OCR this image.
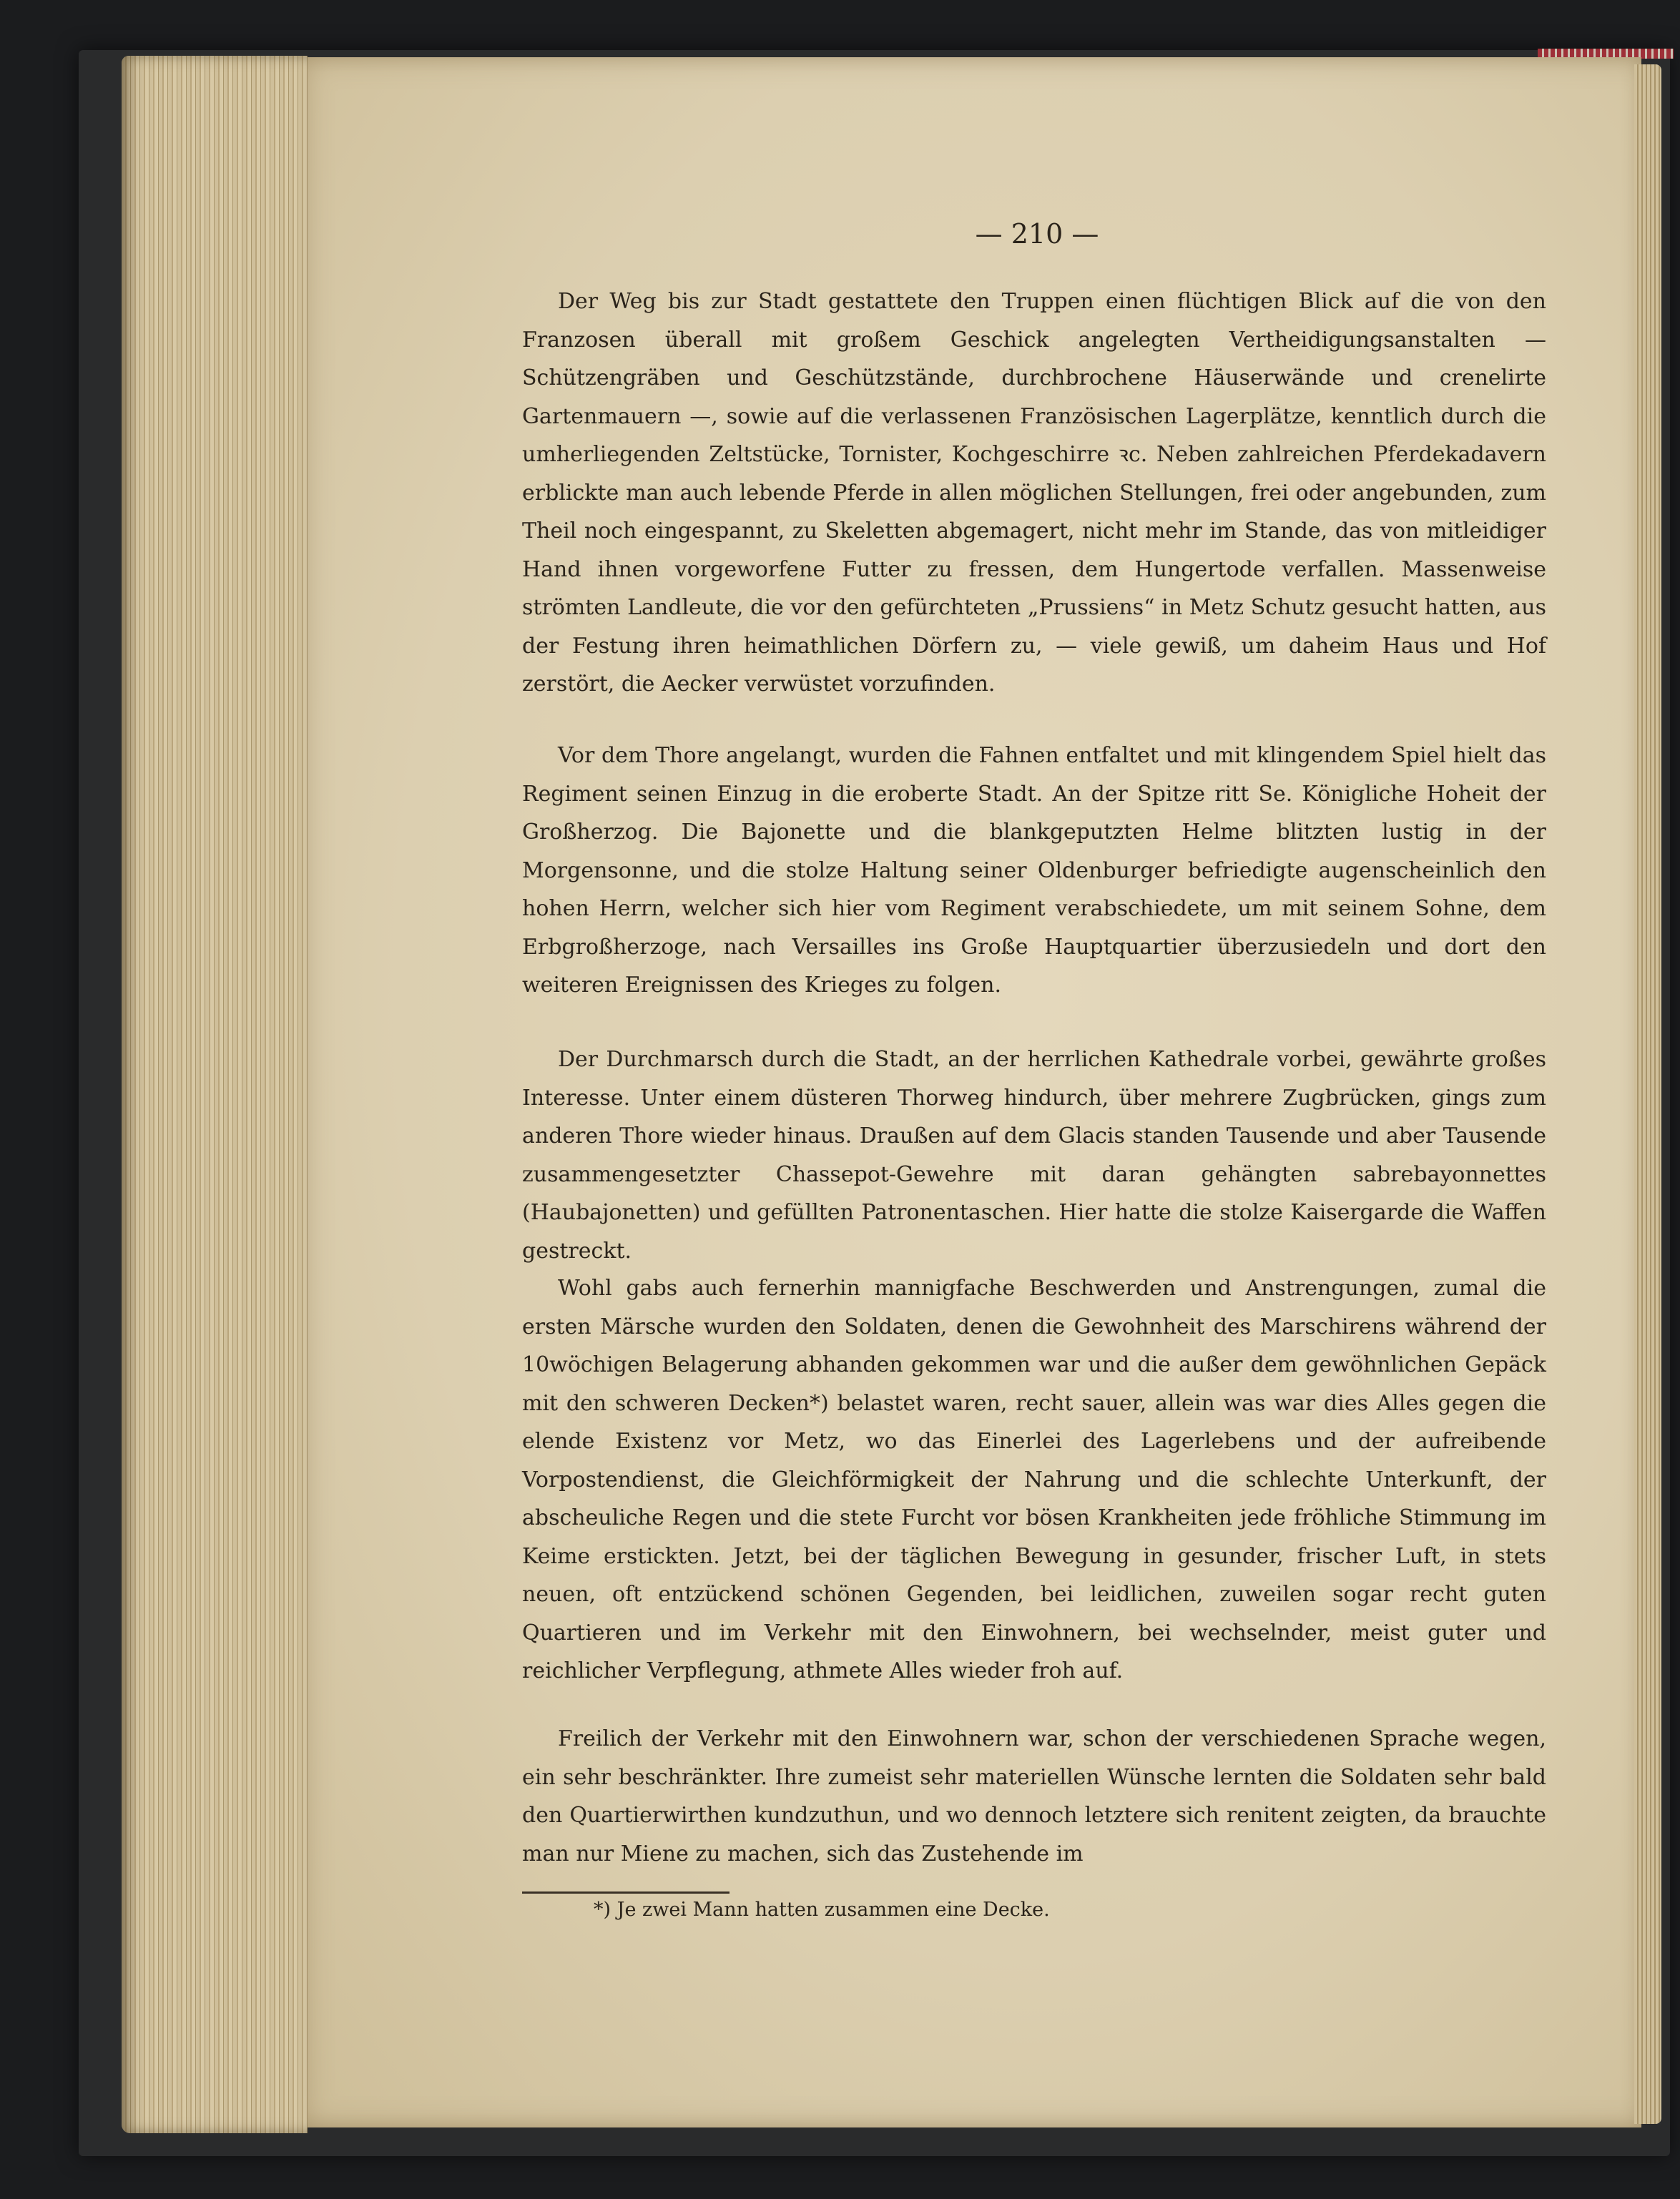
— 210 —

Der Weg bis zur Stadt gestattete den Truppen einen flüchtigen Blick auf die von den Franzosen überall mit großem Geschick angelegten Vertheidigungsanstalten — Schützengräben und Geschützstände, durchbrochene Häuserwände und crenelirte Gartenmauern —, sowie auf die verlassenen Französischen Lagerplätze, kenntlich durch die umherliegenden Zeltstücke, Tornister, Kochgeschirre ꝛc. Neben zahlreichen Pferdekadavern erblickte man auch lebende Pferde in allen möglichen Stellungen, frei oder angebunden, zum Theil noch eingespannt, zu Skeletten abgemagert, nicht mehr im Stande, das von mitleidiger Hand ihnen vorgeworfene Futter zu fressen, dem Hungertode verfallen. Massenweise strömten Landleute, die vor den gefürchteten „Prussiens“ in Metz Schutz gesucht hatten, aus der Festung ihren heimathlichen Dörfern zu, — viele gewiß, um daheim Haus und Hof zerstört, die Aecker verwüstet vorzufinden.

Vor dem Thore angelangt, wurden die Fahnen entfaltet und mit klingendem Spiel hielt das Regiment seinen Einzug in die eroberte Stadt. An der Spitze ritt Se. Königliche Hoheit der Großherzog. Die Bajonette und die blankgeputzten Helme blitzten lustig in der Morgensonne, und die stolze Haltung seiner Oldenburger befriedigte augenscheinlich den hohen Herrn, welcher sich hier vom Regiment verabschiedete, um mit seinem Sohne, dem Erbgroßherzoge, nach Versailles ins Große Hauptquartier überzusiedeln und dort den weiteren Ereignissen des Krieges zu folgen.

Der Durchmarsch durch die Stadt, an der herrlichen Kathedrale vorbei, gewährte großes Interesse. Unter einem düsteren Thorweg hindurch, über mehrere Zugbrücken, gings zum anderen Thore wieder hinaus. Draußen auf dem Glacis standen Tausende und aber Tausende zusammengesetzter Chassepot-Gewehre mit daran gehängten sabrebayonnettes (Haubajonetten) und gefüllten Patronentaschen. Hier hatte die stolze Kaisergarde die Waffen gestreckt.

Wohl gabs auch fernerhin mannigfache Beschwerden und Anstrengungen, zumal die ersten Märsche wurden den Soldaten, denen die Gewohnheit des Marschirens während der 10wöchigen Belagerung abhanden gekommen war und die außer dem gewöhnlichen Gepäck mit den schweren Decken*) belastet waren, recht sauer, allein was war dies Alles gegen die elende Existenz vor Metz, wo das Einerlei des Lagerlebens und der aufreibende Vorpostendienst, die Gleichförmigkeit der Nahrung und die schlechte Unterkunft, der abscheuliche Regen und die stete Furcht vor bösen Krankheiten jede fröhliche Stimmung im Keime erstickten. Jetzt, bei der täglichen Bewegung in gesunder, frischer Luft, in stets neuen, oft entzückend schönen Gegenden, bei leidlichen, zuweilen sogar recht guten Quartieren und im Verkehr mit den Einwohnern, bei wechselnder, meist guter und reichlicher Verpflegung, athmete Alles wieder froh auf.

Freilich der Verkehr mit den Einwohnern war, schon der verschiedenen Sprache wegen, ein sehr beschränkter. Ihre zumeist sehr materiellen Wünsche lernten die Soldaten sehr bald den Quartierwirthen kundzuthun, und wo dennoch letztere sich renitent zeigten, da brauchte man nur Miene zu machen, sich das Zustehende im

*) Je zwei Mann hatten zusammen eine Decke.
